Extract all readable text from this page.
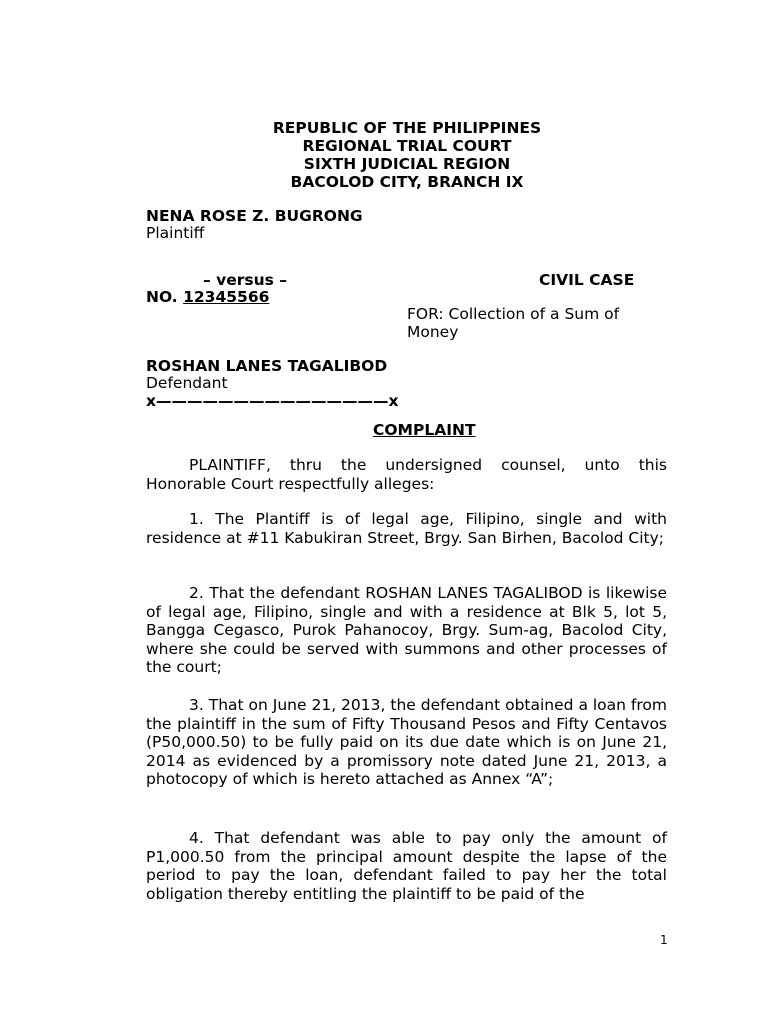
REPUBLIC OF THE PHILIPPINES
REGIONAL TRIAL COURT
SIXTH JUDICIAL REGION
BACOLOD CITY, BRANCH IX
NENA ROSE Z. BUGRONG
Plaintiff
– versus –	CIVIL CASE
NO. 12345566
FOR: Collection of a Sum of
Money
ROSHAN LANES TAGALIBOD
Defendant
x———————————————x
COMPLAINT
PLAINTIFF, thru the undersigned counsel, unto this Honorable Court respectfully alleges:
1. The Plantiff is of legal age, Filipino, single and with residence at #11 Kabukiran Street, Brgy. San Birhen, Bacolod City;
2. That the defendant ROSHAN LANES TAGALIBOD is likewise of legal age, Filipino, single and with a residence at Blk 5, lot 5, Bangga Cegasco, Purok Pahanocoy, Brgy. Sum-ag, Bacolod City, where she could be served with summons and other processes of the court;
3. That on June 21, 2013, the defendant obtained a loan from the plaintiff in the sum of Fifty Thousand Pesos and Fifty Centavos (P50,000.50) to be fully paid on its due date which is on June 21, 2014 as evidenced by a promissory note dated June 21, 2013, a photocopy of which is hereto attached as Annex “A”;
4. That defendant was able to pay only the amount of P1,000.50 from the principal amount despite the lapse of the period to pay the loan, defendant failed to pay her the total obligation thereby entitling the plaintiff to be paid of the
1
